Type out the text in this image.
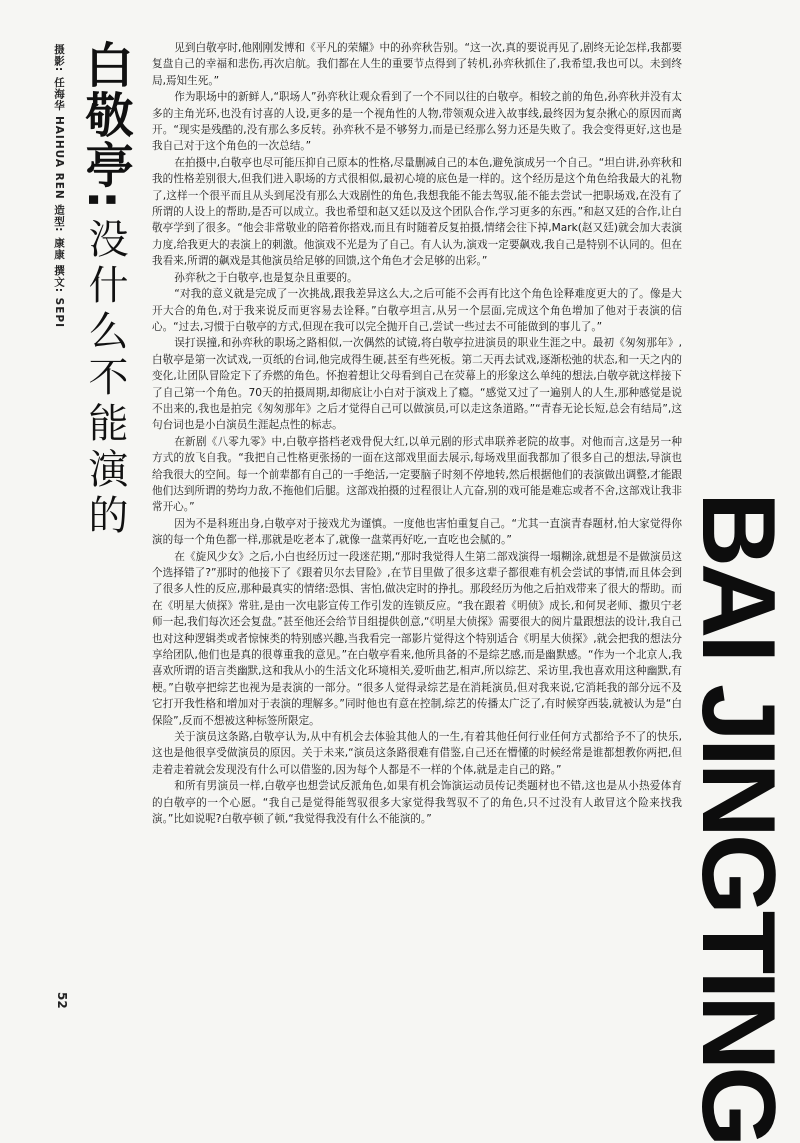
摄影: 任海华 HAIHUA REN 造型: 康康 撰文: SEPI 白敬亭:
没什么不能演的

见到白敬亭时,他刚刚发博和《平凡的荣耀》中的孙弈秋告别。“这一次,真的要说再见了,剧终无论怎样,我都要复盘自己的幸福和悲伤,再次启航。我们都在人生的重要节点得到了转机,孙弈秋抓住了,我希望,我也可以。未到终局,焉知生死。”

作为职场中的新鲜人,“职场人”孙弈秋让观众看到了一个不同以往的白敬亭。相较之前的角色,孙弈秋并没有太多的主角光环,也没有讨喜的人设,更多的是一个视角性的人物,带领观众进入故事线,最终因为复杂揪心的原因而离开。“现实是残酷的,没有那么多反转。孙弈秋不是不够努力,而是已经那么努力还是失败了。我会变得更好,这也是我自己对于这个角色的一次总结。”

在拍摄中,白敬亭也尽可能压抑自己原本的性格,尽量删减自己的本色,避免演成另一个自己。“坦白讲,孙弈秋和我的性格差别很大,但我们进入职场的方式很相似,最初心境的底色是一样的。这个经历是这个角色给我最大的礼物了,这样一个很平而且从头到尾没有那么大戏剧性的角色,我想我能不能去驾驭,能不能去尝试一把职场戏,在没有了所谓的人设上的帮助,是否可以成立。我也希望和赵又廷以及这个团队合作,学习更多的东西。”和赵又廷的合作,让白敬亭学到了很多。“他会非常敬业的陪着你搭戏,而且有时随着反复拍摄,情绪会往下掉,Mark(赵又廷)就会加大表演力度,给我更大的表演上的刺激。他演戏不光是为了自己。有人认为,演戏一定要飙戏,我自己是特别不认同的。但在我看来,所谓的飙戏是其他演员给足够的回馈,这个角色才会足够的出彩。”

孙弈秋之于白敬亭,也是复杂且重要的。

“对我的意义就是完成了一次挑战,跟我差异这么大,之后可能不会再有比这个角色诠释难度更大的了。像是大开大合的角色,对于我来说反而更容易去诠释。”白敬亭坦言,从另一个层面,完成这个角色增加了他对于表演的信心。“过去,习惯于白敬亭的方式,但现在我可以完全抛开自己,尝试一些过去不可能做到的事儿了。”

误打误撞,和孙弈秋的职场之路相似,一次偶然的试镜,将白敬亭拉进演员的职业生涯之中。最初《匆匆那年》,白敬亭是第一次试戏,一页纸的台词,他完成得生硬,甚至有些死板。第二天再去试戏,逐渐松弛的状态,和一天之内的变化,让团队冒险定下了乔燃的角色。怀抱着想让父母看到自己在荧幕上的形象这么单纯的想法,白敬亭就这样接下了自己第一个角色。70天的拍摄周期,却彻底让小白对于演戏上了瘾。“感觉又过了一遍别人的人生,那种感觉是说不出来的,我也是拍完《匆匆那年》之后才觉得自己可以做演员,可以走这条道路。”“青春无论长短,总会有结局”,这句台词也是小白演员生涯起点性的标志。

在新剧《八零九零》中,白敬亭搭档老戏骨倪大红,以单元剧的形式串联养老院的故事。对他而言,这是另一种方式的放飞自我。“我把自己性格更张扬的一面在这部戏里面去展示,每场戏里面我都加了很多自己的想法,导演也给我很大的空间。每一个前辈都有自己的一手绝活,一定要脑子时刻不停地转,然后根据他们的表演做出调整,才能跟他们达到所谓的势均力敌,不拖他们后腿。这部戏拍摄的过程很让人亢奋,别的戏可能是难忘或者不舍,这部戏让我非常开心。”

因为不是科班出身,白敬亭对于接戏尤为谨慎。一度他也害怕重复自己。“尤其一直演青春题材,怕大家觉得你演的每一个角色都一样,那就是吃老本了,就像一盘菜再好吃,一直吃也会腻的。”

在《旋风少女》之后,小白也经历过一段迷茫期,“那时我觉得人生第二部戏演得一塌糊涂,就想是不是做演员这个选择错了?”那时的他接下了《跟着贝尔去冒险》,在节目里做了很多这辈子都很难有机会尝试的事情,而且体会到了很多人性的反应,那种最真实的情绪:恐惧、害怕,做决定时的挣扎。那段经历为他之后拍戏带来了很大的帮助。而在《明星大侦探》常驻,是由一次电影宣传工作引发的连锁反应。“我在跟着《明侦》成长,和何炅老师、撒贝宁老师一起,我们每次还会复盘。”甚至他还会给节目组提供创意,“《明星大侦探》需要很大的阅片量跟想法的设计,我自己也对这种逻辑类或者惊悚类的特别感兴趣,当我看完一部影片觉得这个特别适合《明星大侦探》,就会把我的想法分享给团队,他们也是真的很尊重我的意见。”在白敬亭看来,他所具备的不是综艺感,而是幽默感。“作为一个北京人,我喜欢所谓的语言类幽默,这和我从小的生活文化环境相关,爱听曲艺,相声,所以综艺、采访里,我也喜欢用这种幽默,有梗。”白敬亭把综艺也视为是表演的一部分。“很多人觉得录综艺是在消耗演员,但对我来说,它消耗我的部分远不及它打开我性格和增加对于表演的理解多。”同时他也有意在控制,综艺的传播太广泛了,有时候穿西装,就被认为是“白保险”,反而不想被这种标签所限定。

关于演员这条路,白敬亭认为,从中有机会去体验其他人的一生,有着其他任何行业任何方式都给予不了的快乐,这也是他很享受做演员的原因。关于未来,“演员这条路很难有借鉴,自己还在懵懂的时候经常是谁都想教你两把,但走着走着就会发现没有什么可以借鉴的,因为每个人都是不一样的个体,就是走自己的路。”

和所有男演员一样,白敬亭也想尝试反派角色,如果有机会饰演运动员传记类题材也不错,这也是从小热爱体育的白敬亭的一个心愿。“我自己是觉得能驾驭很多大家觉得我驾驭不了的角色,只不过没有人敢冒这个险来找我演。”比如说呢?白敬亭顿了顿,“我觉得我没有什么不能演的。”	BAI JINGTING
52
